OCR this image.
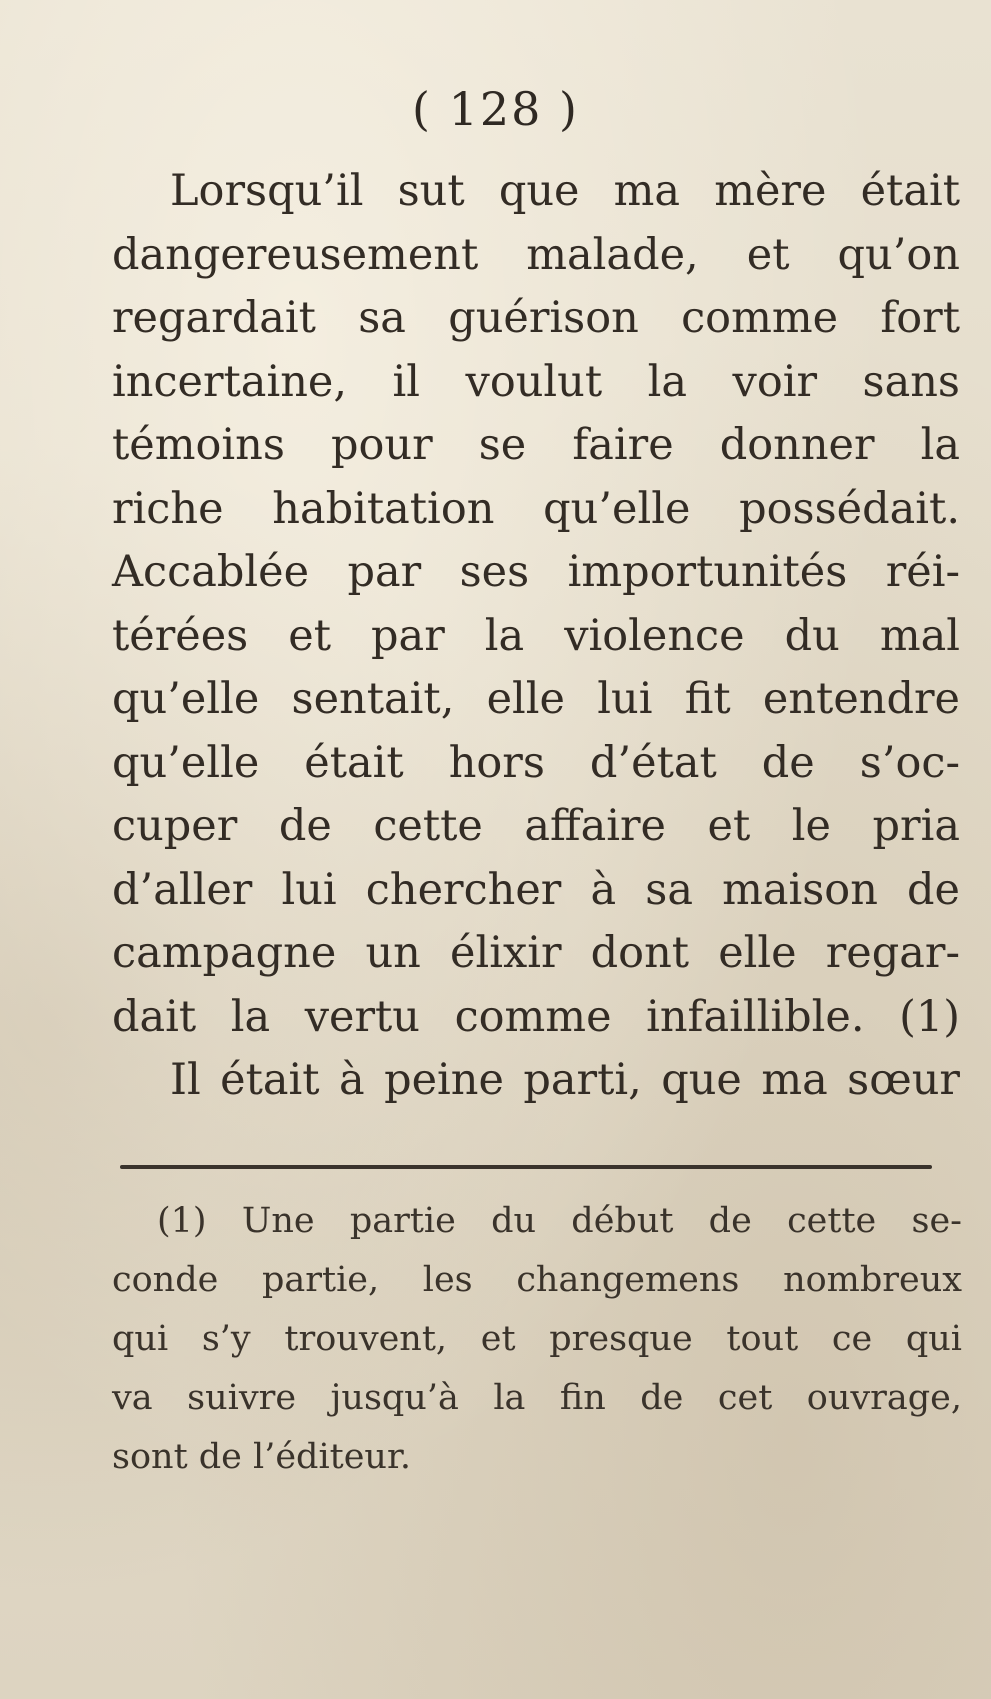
( 128 )
Lorsqu’il sut que ma mère était
dangereusement malade, et qu’on
regardait sa guérison comme fort
incertaine, il voulut la voir sans
témoins pour se faire donner la
riche habitation qu’elle possédait.
Accablée par ses importunités réi-
térées et par la violence du mal
qu’elle sentait, elle lui fit entendre
qu’elle était hors d’état de s’oc-
cuper de cette affaire et le pria
d’aller lui chercher à sa maison de
campagne un élixir dont elle regar-
dait la vertu comme infaillible. (1)
Il était à peine parti, que ma sœur
(1) Une partie du début de cette se-
conde partie, les changemens nombreux
qui s’y trouvent, et presque tout ce qui
va suivre jusqu’à la fin de cet ouvrage,
sont de l’éditeur.
